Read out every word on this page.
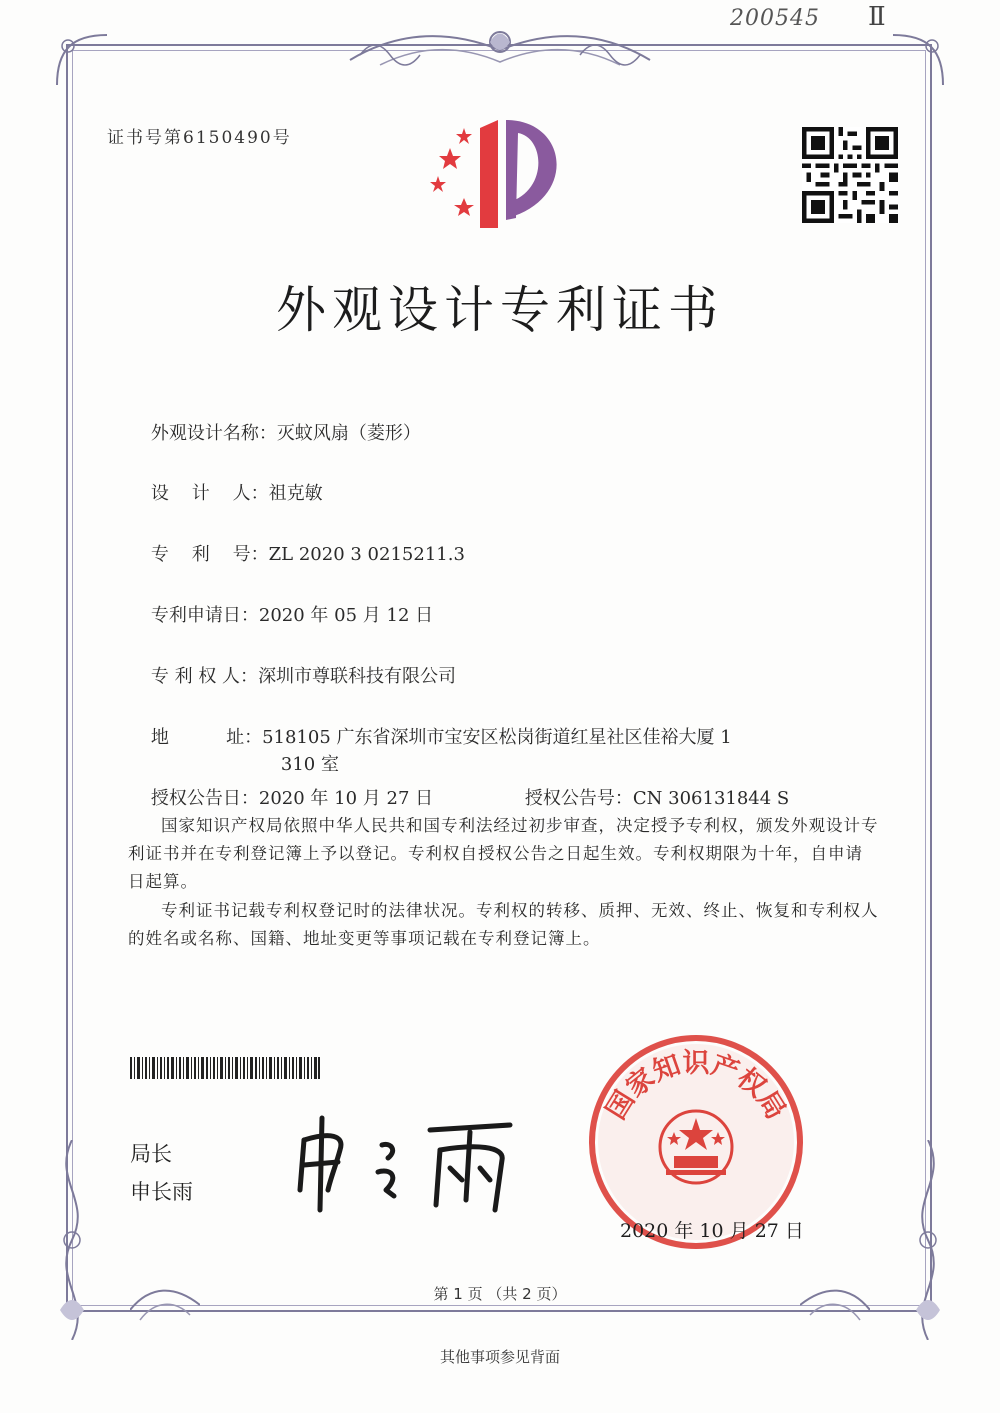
200545 Ⅱ
证书号第6150490号
外观设计专利证书

外观设计名称：灭蚊风扇（菱形）

设    计    人：祖克敏

专    利    号：ZL 2020 3 0215211.3

专利申请日：2020 年 05 月 12 日

专 利 权 人：深圳市尊联科技有限公司

地          址：518105 广东省深圳市宝安区松岗街道红星社区佳裕大厦 1

310 室

授权公告日：2020 年 10 月 27 日
	授权公告号：CN 306131844 S

国家知识产权局依照中华人民共和国专利法经过初步审查，决定授予专利权，颁发外观设计专利证书并在专利登记簿上予以登记。专利权自授权公告之日起生效。专利权期限为十年，自申请日起算。
专利证书记载专利权登记时的法律状况。专利权的转移、质押、无效、终止、恢复和专利权人的姓名或名称、国籍、地址变更等事项记载在专利登记簿上。
局长
申长雨
国家知识产权局
2020 年 10 月 27 日
第 1 页 （共 2 页）
其他事项参见背面
